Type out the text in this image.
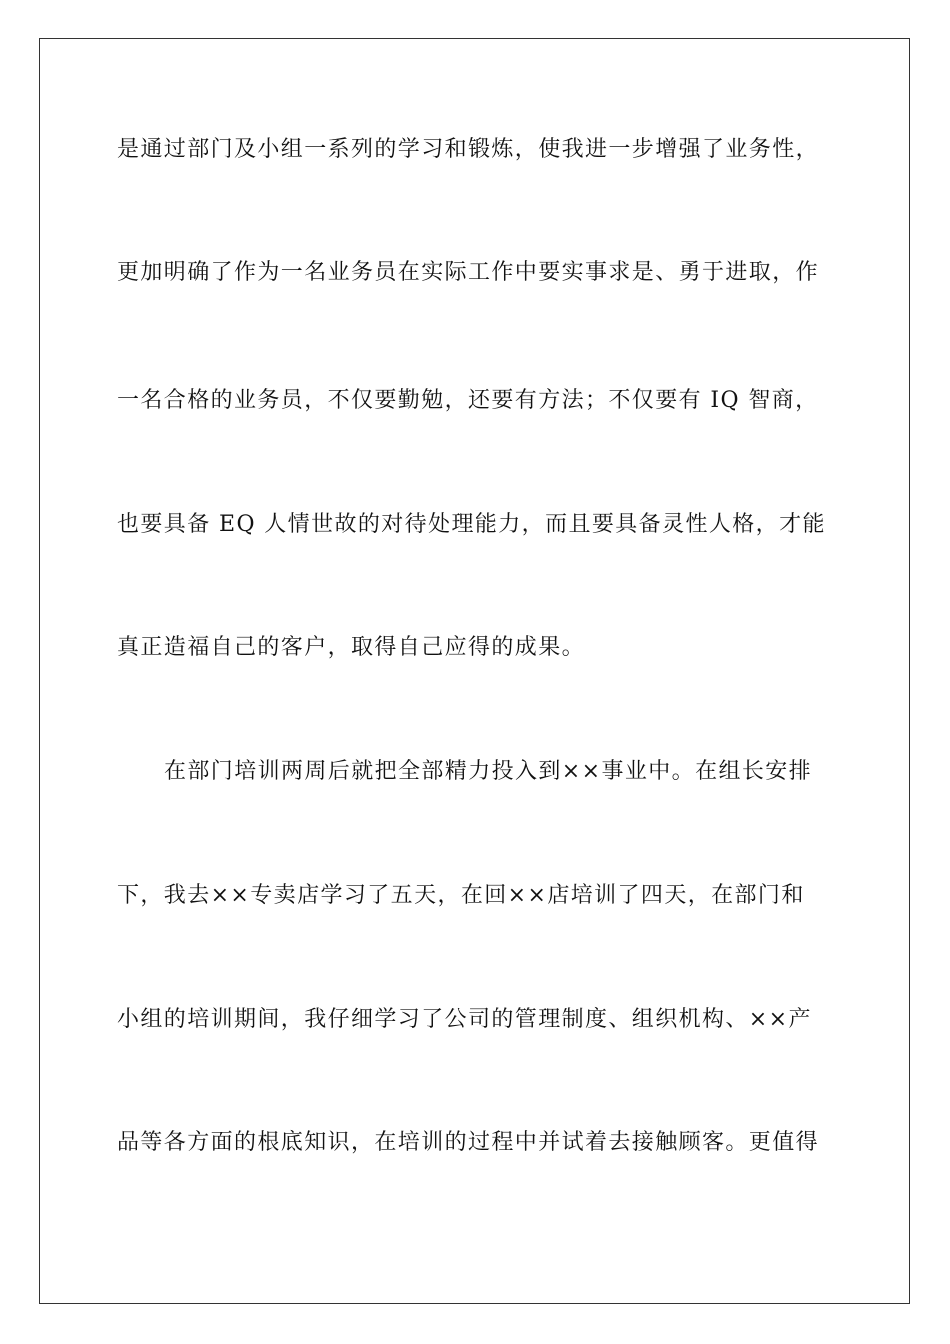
是通过部门及小组一系列的学习和锻炼，使我进一步增强了业务性，

更加明确了作为一名业务员在实际工作中要实事求是、勇于进取，作

一名合格的业务员，不仅要勤勉，还要有方法；不仅要有 IQ 智商，

也要具备 EQ 人情世故的对待处理能力，而且要具备灵性人格，才能

真正造福自己的客户，取得自己应得的成果。

在部门培训两周后就把全部精力投入到××事业中。在组长安排

下，我去××专卖店学习了五天，在回××店培训了四天，在部门和

小组的培训期间，我仔细学习了公司的管理制度、组织机构、××产

品等各方面的根底知识，在培训的过程中并试着去接触顾客。更值得
